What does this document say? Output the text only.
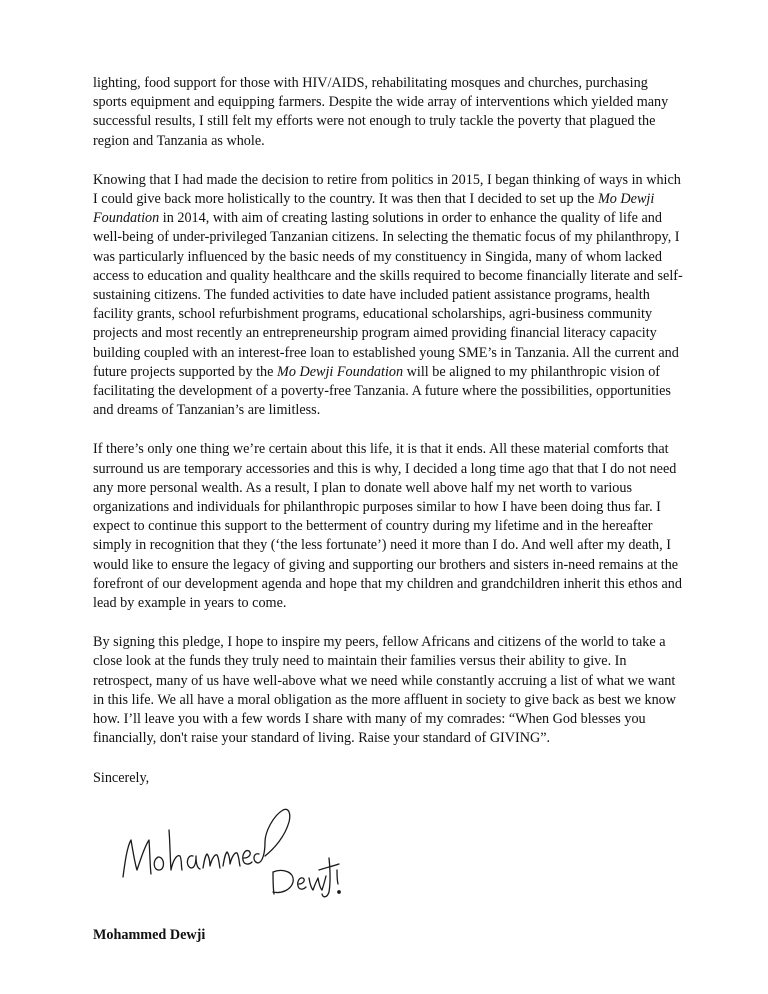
lighting, food support for those with HIV/AIDS, rehabilitating mosques and churches, purchasing sports equipment and equipping farmers. Despite the wide array of interventions which yielded many successful results, I still felt my efforts were not enough to truly tackle the poverty that plagued the region and Tanzania as whole.

Knowing that I had made the decision to retire from politics in 2015, I began thinking of ways in which I could give back more holistically to the country. It was then that I decided to set up the Mo Dewji Foundation in 2014, with aim of creating lasting solutions in order to enhance the quality of life and well-being of under-privileged Tanzanian citizens. In selecting the thematic focus of my philanthropy, I was particularly influenced by the basic needs of my constituency in Singida, many of whom lacked access to education and quality healthcare and the skills required to become financially literate and self-sustaining citizens. The funded activities to date have included patient assistance programs, health facility grants, school refurbishment programs, educational scholarships, agri-business community projects and most recently an entrepreneurship program aimed providing financial literacy capacity building coupled with an interest-free loan to established young SME’s in Tanzania. All the current and future projects supported by the Mo Dewji Foundation will be aligned to my philanthropic vision of facilitating the development of a poverty-free Tanzania. A future where the possibilities, opportunities and dreams of Tanzanian’s are limitless.

If there’s only one thing we’re certain about this life, it is that it ends. All these material comforts that surround us are temporary accessories and this is why, I decided a long time ago that that I do not need any more personal wealth. As a result, I plan to donate well above half my net worth to various organizations and individuals for philanthropic purposes similar to how I have been doing thus far. I expect to continue this support to the betterment of country during my lifetime and in the hereafter simply in recognition that they (‘the less fortunate’) need it more than I do. And well after my death, I would like to ensure the legacy of giving and supporting our brothers and sisters in-need remains at the forefront of our development agenda and hope that my children and grandchildren inherit this ethos and lead by example in years to come.

By signing this pledge, I hope to inspire my peers, fellow Africans and citizens of the world to take a close look at the funds they truly need to maintain their families versus their ability to give. In retrospect, many of us have well-above what we need while constantly accruing a list of what we want in this life. We all have a moral obligation as the more affluent in society to give back as best we know how. I’ll leave you with a few words I share with many of my comrades: “When God blesses you financially, don't raise your standard of living. Raise your standard of GIVING”.

Sincerely,
Mohammed Dewji
